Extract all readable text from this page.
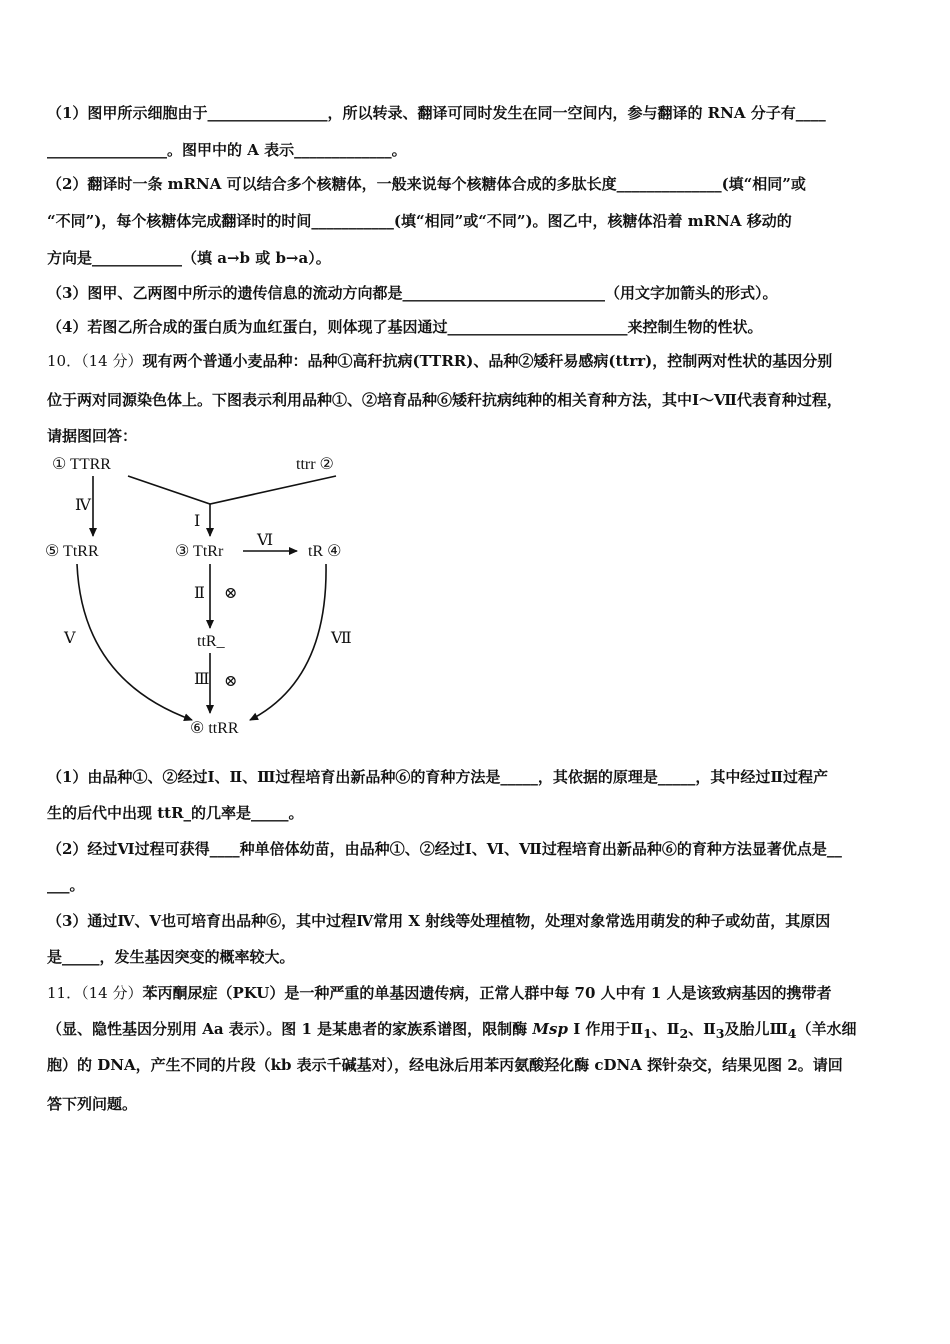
（1）图甲所示细胞由于________________，所以转录、翻译可同时发生在同一空间内，参与翻译的 RNA 分子有____
________________。图甲中的 A 表示_____________。
（2）翻译时一条 mRNA 可以结合多个核糖体，一般来说每个核糖体合成的多肽长度______________(填“相同”或
“不同”)，每个核糖体完成翻译时的时间___________(填“相同”或“不同”)。图乙中，核糖体沿着 mRNA 移动的
方向是____________（填 a→b 或 b→a）。
（3）图甲、乙两图中所示的遗传信息的流动方向都是___________________________（用文字加箭头的形式）。
（4）若图乙所合成的蛋白质为血红蛋白，则体现了基因通过________________________来控制生物的性状。
10．（14 分）现有两个普通小麦品种：品种①高秆抗病(TTRR)、品种②矮秆易感病(ttrr)，控制两对性状的基因分别
位于两对同源染色体上。下图表示利用品种①、②培育品种⑥矮秆抗病纯种的相关育种方法，其中Ⅰ～Ⅶ代表育种过程，
请据图回答：
① TTRR	ttrr ②
⑤ TtRR	③ TtRr	tR ④
ttR_
⑥ ttRR
Ⅳ
Ⅰ
Ⅵ
Ⅱ ⊗
Ⅲ ⊗
Ⅴ	Ⅶ
（1）由品种①、②经过Ⅰ、Ⅱ、Ⅲ过程培育出新品种⑥的育种方法是_____，其依据的原理是_____，其中经过Ⅱ过程产
生的后代中出现 ttR_的几率是_____。
（2）经过Ⅵ过程可获得____种单倍体幼苗，由品种①、②经过Ⅰ、Ⅵ、Ⅶ过程培育出新品种⑥的育种方法显著优点是__
___。
（3）通过Ⅳ、Ⅴ也可培育出品种⑥，其中过程Ⅳ常用 X 射线等处理植物，处理对象常选用萌发的种子或幼苗，其原因
是_____，发生基因突变的概率较大。
11．（14 分）苯丙酮尿症（PKU）是一种严重的单基因遗传病，正常人群中每 70 人中有 1 人是该致病基因的携带者
（显、隐性基因分别用 Aa 表示）。图 1 是某患者的家族系谱图，限制酶 Msp I 作用于$Ⅱ_1$、$Ⅱ_2$、$Ⅱ_3$及胎儿$Ⅲ_4$（羊水细
胞）的 DNA，产生不同的片段（kb 表示千碱基对），经电泳后用苯丙氨酸羟化酶 cDNA 探针杂交，结果见图 2。请回
答下列问题。
